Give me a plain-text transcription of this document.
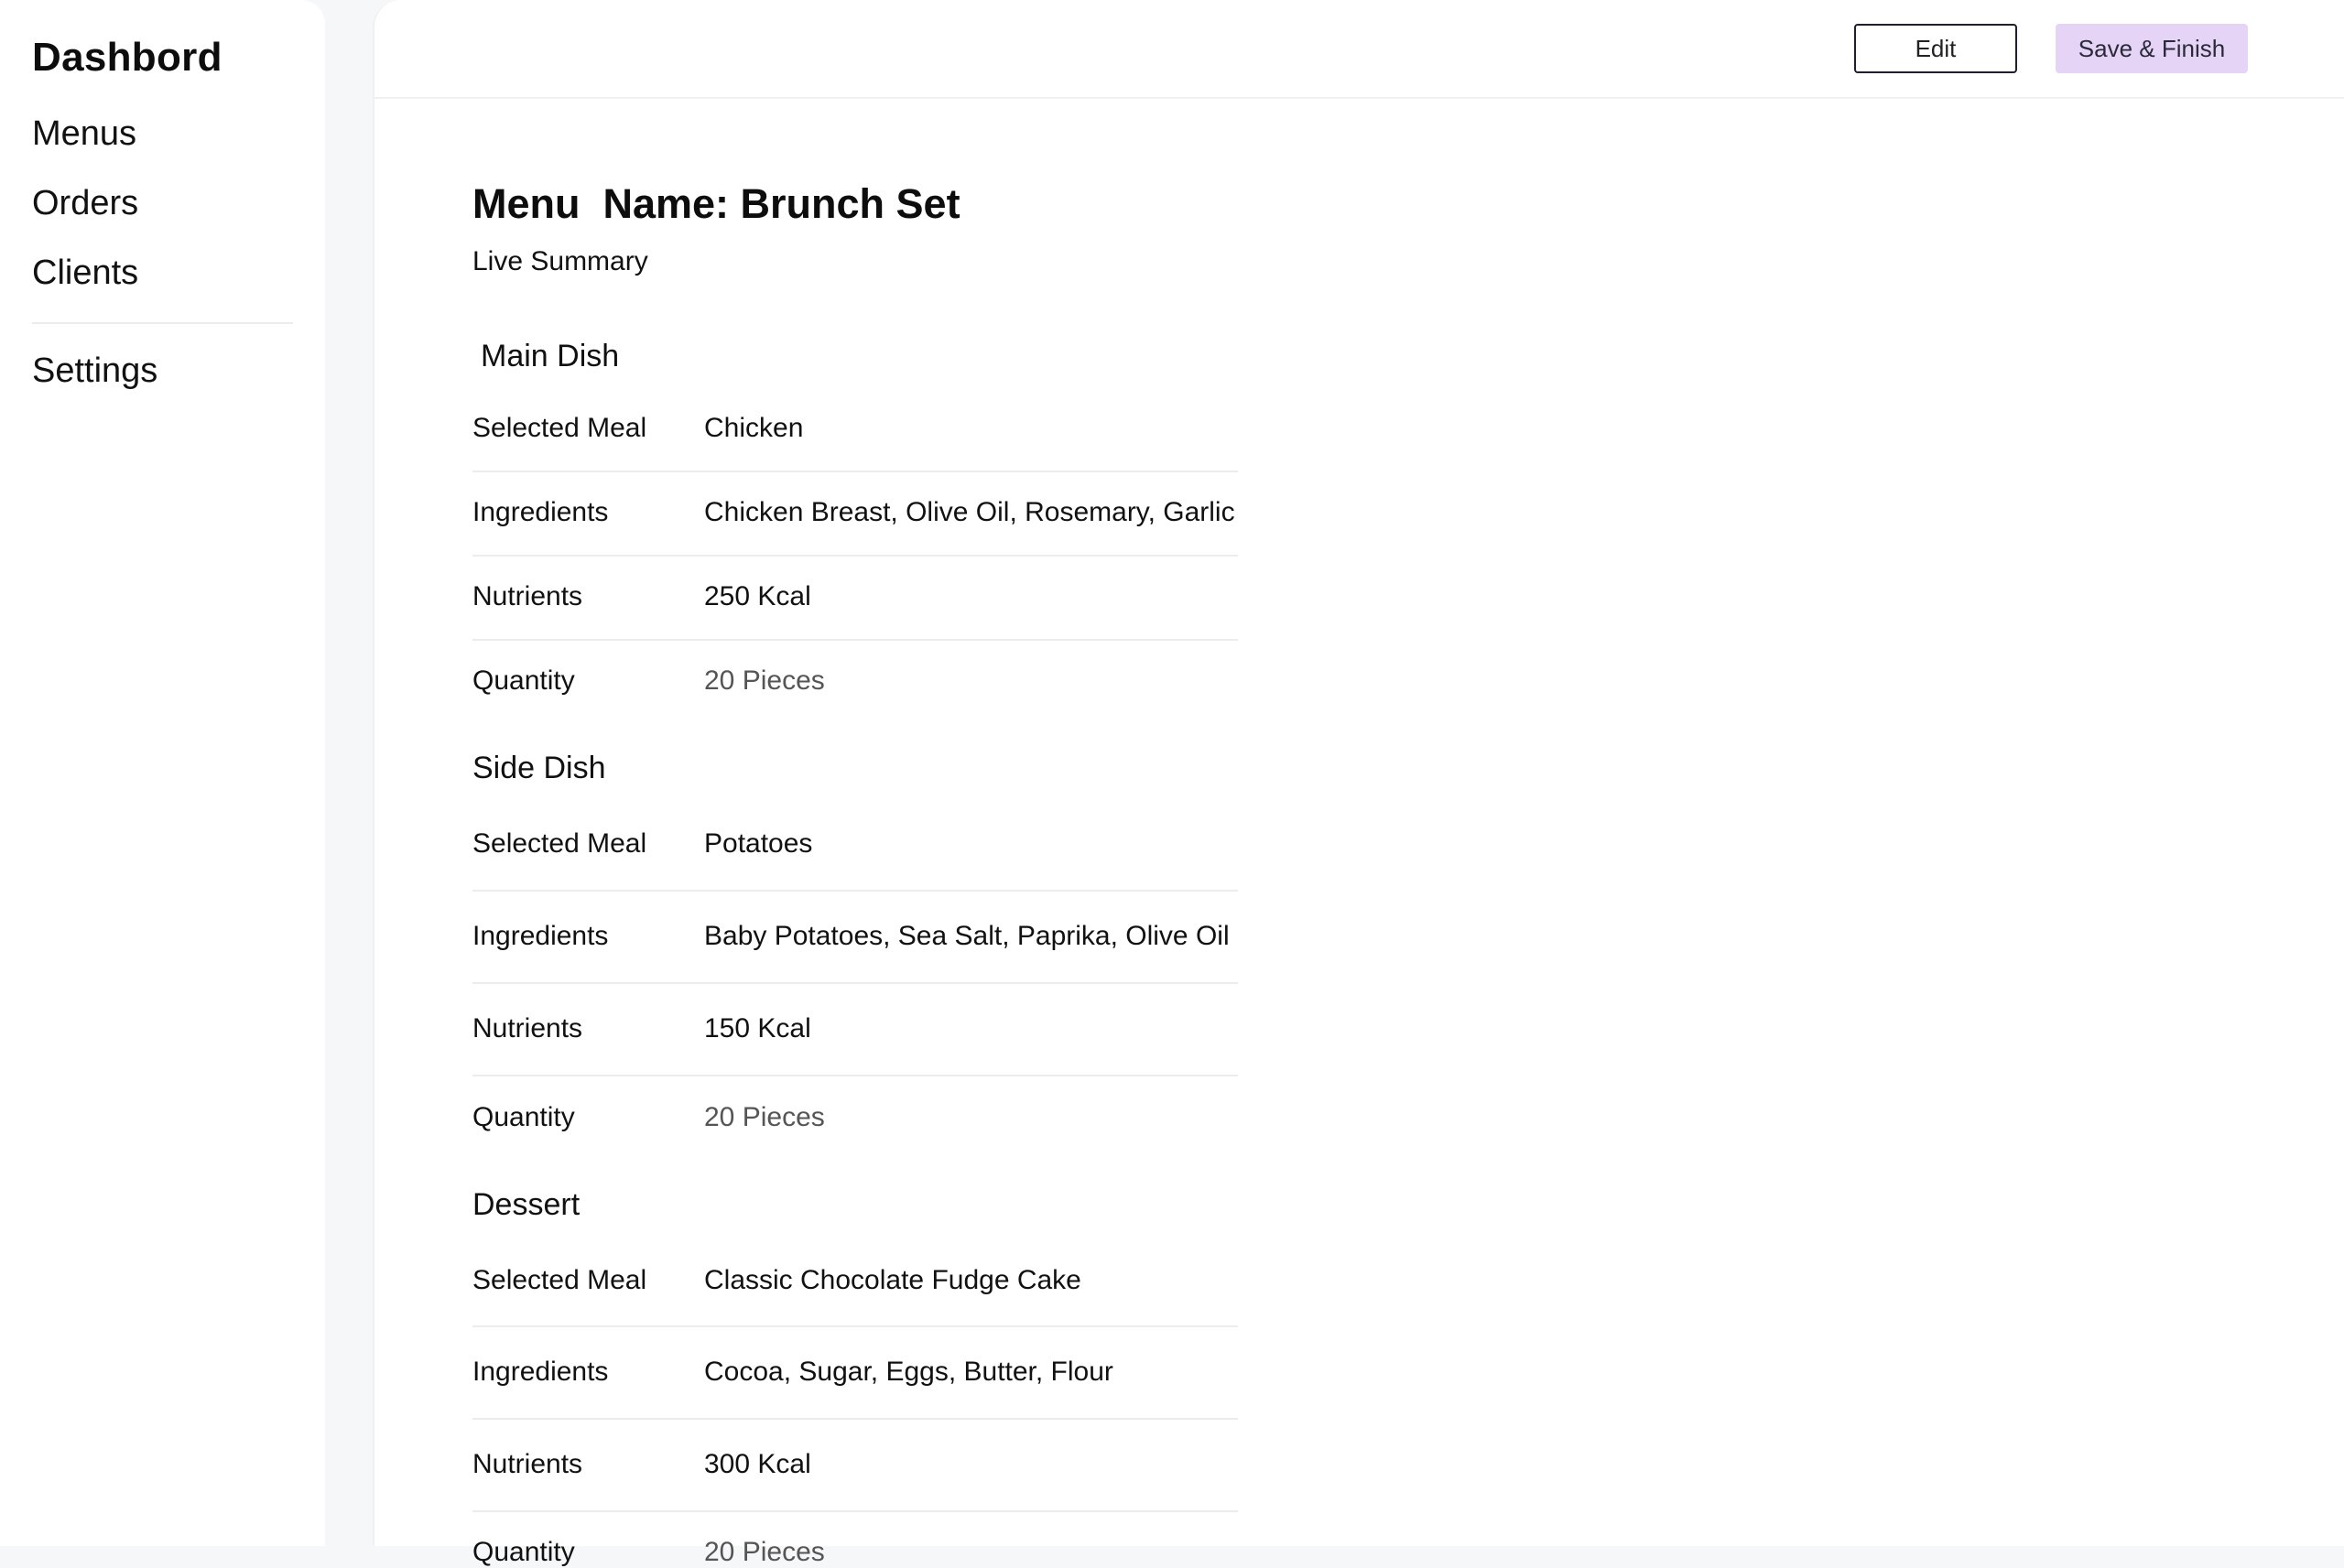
Dashbord
Menus
Orders
Clients
Settings
Edit	Save & Finish
Menu  Name: Brunch Set
Live Summary
Main Dish
Selected Meal Chicken
Ingredients	Chicken Breast, Olive Oil, Rosemary, Garlic
Nutrients	250 Kcal
Quantity	20 Pieces
Side Dish
Selected Meal Potatoes
Ingredients	Baby Potatoes, Sea Salt, Paprika, Olive Oil
Nutrients	150 Kcal
Quantity	20 Pieces
Dessert
Selected Meal Classic Chocolate Fudge Cake
Ingredients	Cocoa, Sugar, Eggs, Butter, Flour
Nutrients	300 Kcal
Quantity	20 Pieces
